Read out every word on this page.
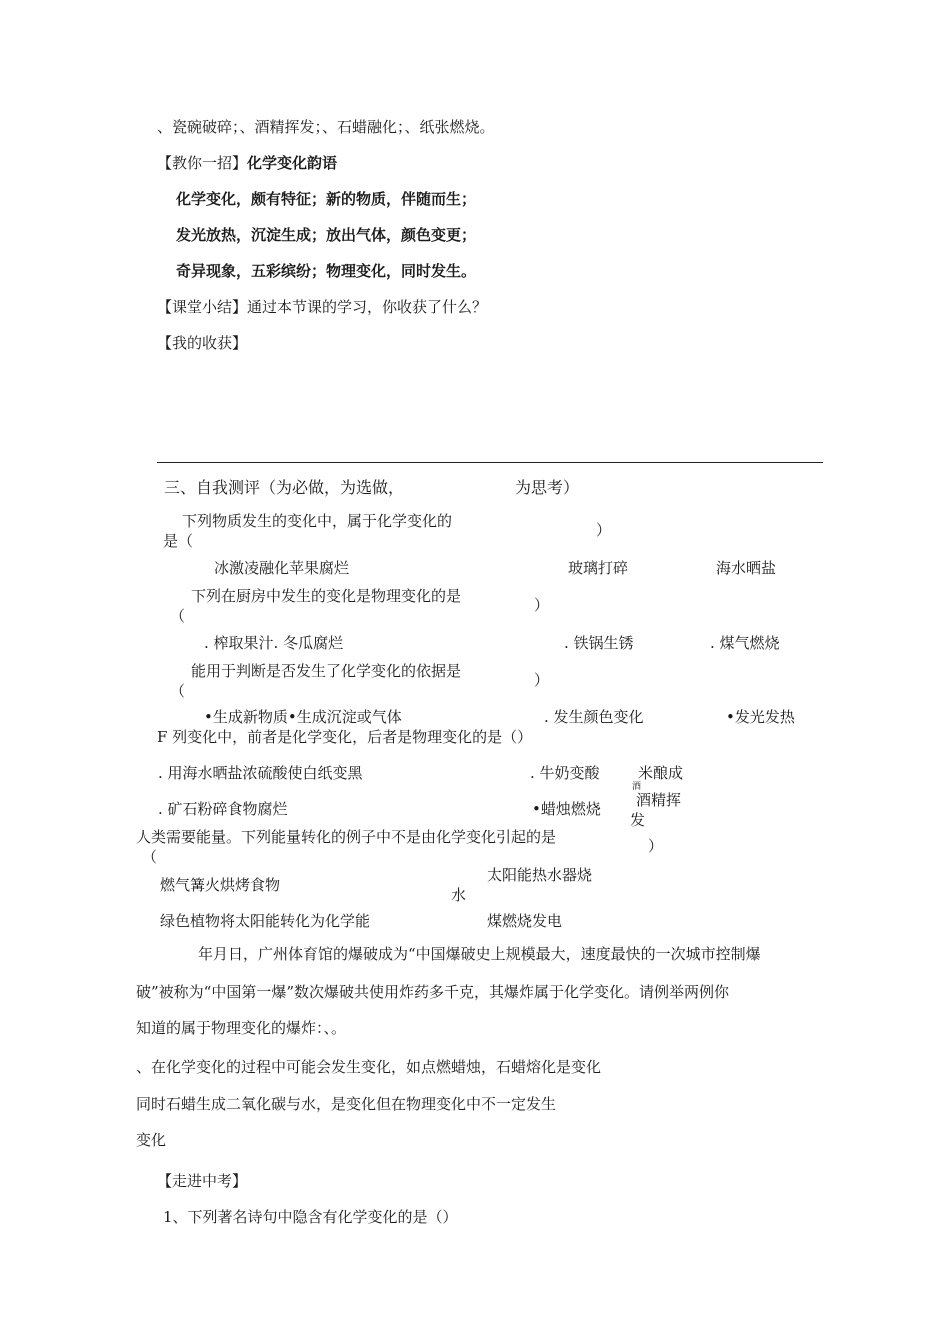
、瓷碗破碎；、酒精挥发；、石蜡融化；、纸张燃烧。
【教你一招】化学变化韵语
化学变化，颇有特征；新的物质，伴随而生；
发光放热，沉淀生成；放出气体，颜色变更；
奇异现象，五彩缤纷；物理变化，同时发生。
【课堂小结】通过本节课的学习，你收获了什么？
【我的收获】
三、自我测评（为必做，为选做，	为思考）
下列物质发生的变化中，属于化学变化的
是（
）
冰激凌融化苹果腐烂	玻璃打碎	海水晒盐
下列在厨房中发生的变化是物理变化的是
（
）
. 榨取果汁. 冬瓜腐烂	. 铁锅生锈	. 煤气燃烧
能用于判断是否发生了化学变化的依据是
（
）
•生成新物质•生成沉淀或气体	. 发生颜色变化	•发光发热
F 列变化中，前者是化学变化，后者是物理变化的是（）
. 用海水晒盐浓硫酸使白纸变黑	. 牛奶变酸	米酿成
酒
. 矿石粉碎食物腐烂	•蜡烛燃烧 酒精挥
发
人类需要能量。下列能量转化的例子中不是由化学变化引起的是
（
）
燃气篝火烘烤食物
太阳能热水器烧
水
绿色植物将太阳能转化为化学能	煤燃烧发电
年月日，广州体育馆的爆破成为“中国爆破史上规模最大，速度最快的一次城市控制爆
破”被称为“中国第一爆”数次爆破共使用炸药多千克，其爆炸属于化学变化。请例举两例你
知道的属于物理变化的爆炸：、。
、在化学变化的过程中可能会发生变化，如点燃蜡烛，石蜡熔化是变化
同时石蜡生成二氧化碳与水，是变化但在物理变化中不一定发生
变化
【走进中考】
1、下列著名诗句中隐含有化学变化的是（）
